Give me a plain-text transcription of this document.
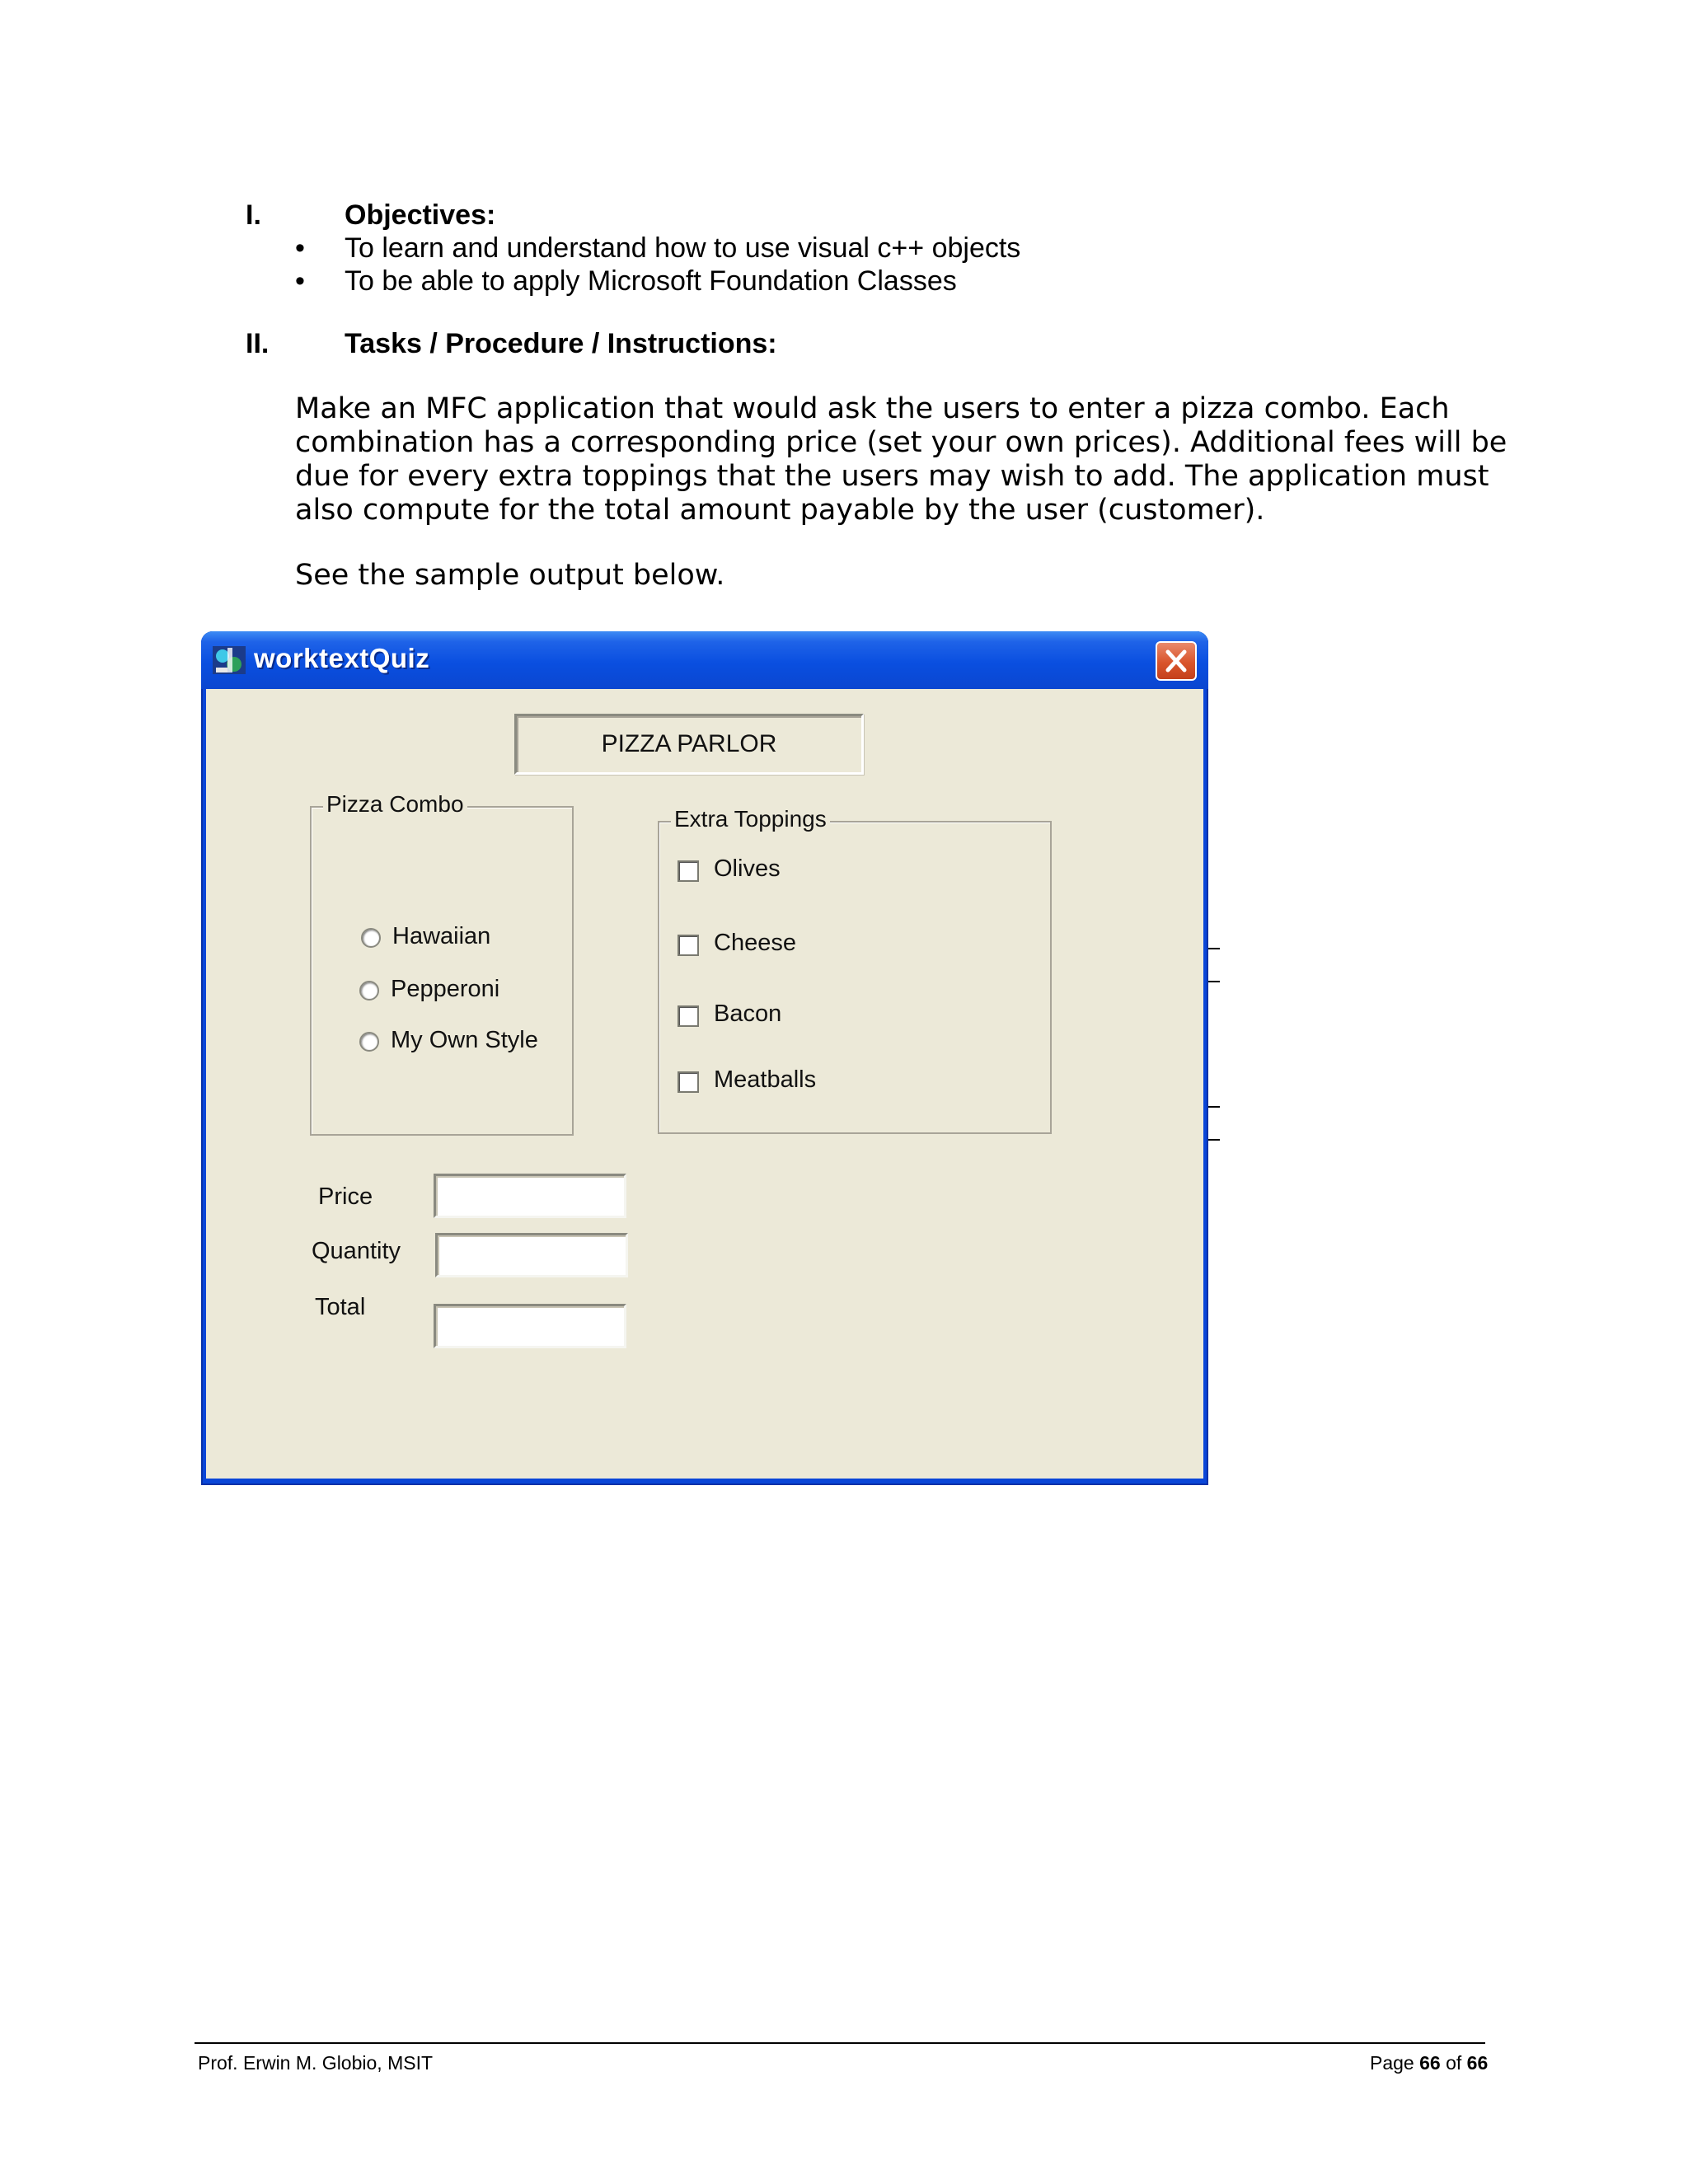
I.	Objectives:
• To learn and understand how to use visual c++ objects
• To be able to apply Microsoft Foundation Classes
II.	Tasks / Procedure / Instructions:
Make an MFC application that would ask the users to enter a pizza combo. Each
combination has a corresponding price (set your own prices). Additional fees will be
due for every extra toppings that the users may wish to add. The application must
also compute for the total amount payable by the user (customer).
See the sample output below.
worktextQuiz
PIZZA PARLOR
Pizza Combo
Hawaiian
Pepperoni
My Own Style
Extra Toppings
Olives
Cheese
Bacon
Meatballs
Price
Quantity
Total
Prof. Erwin M. Globio, MSIT	Page 66 of 66
